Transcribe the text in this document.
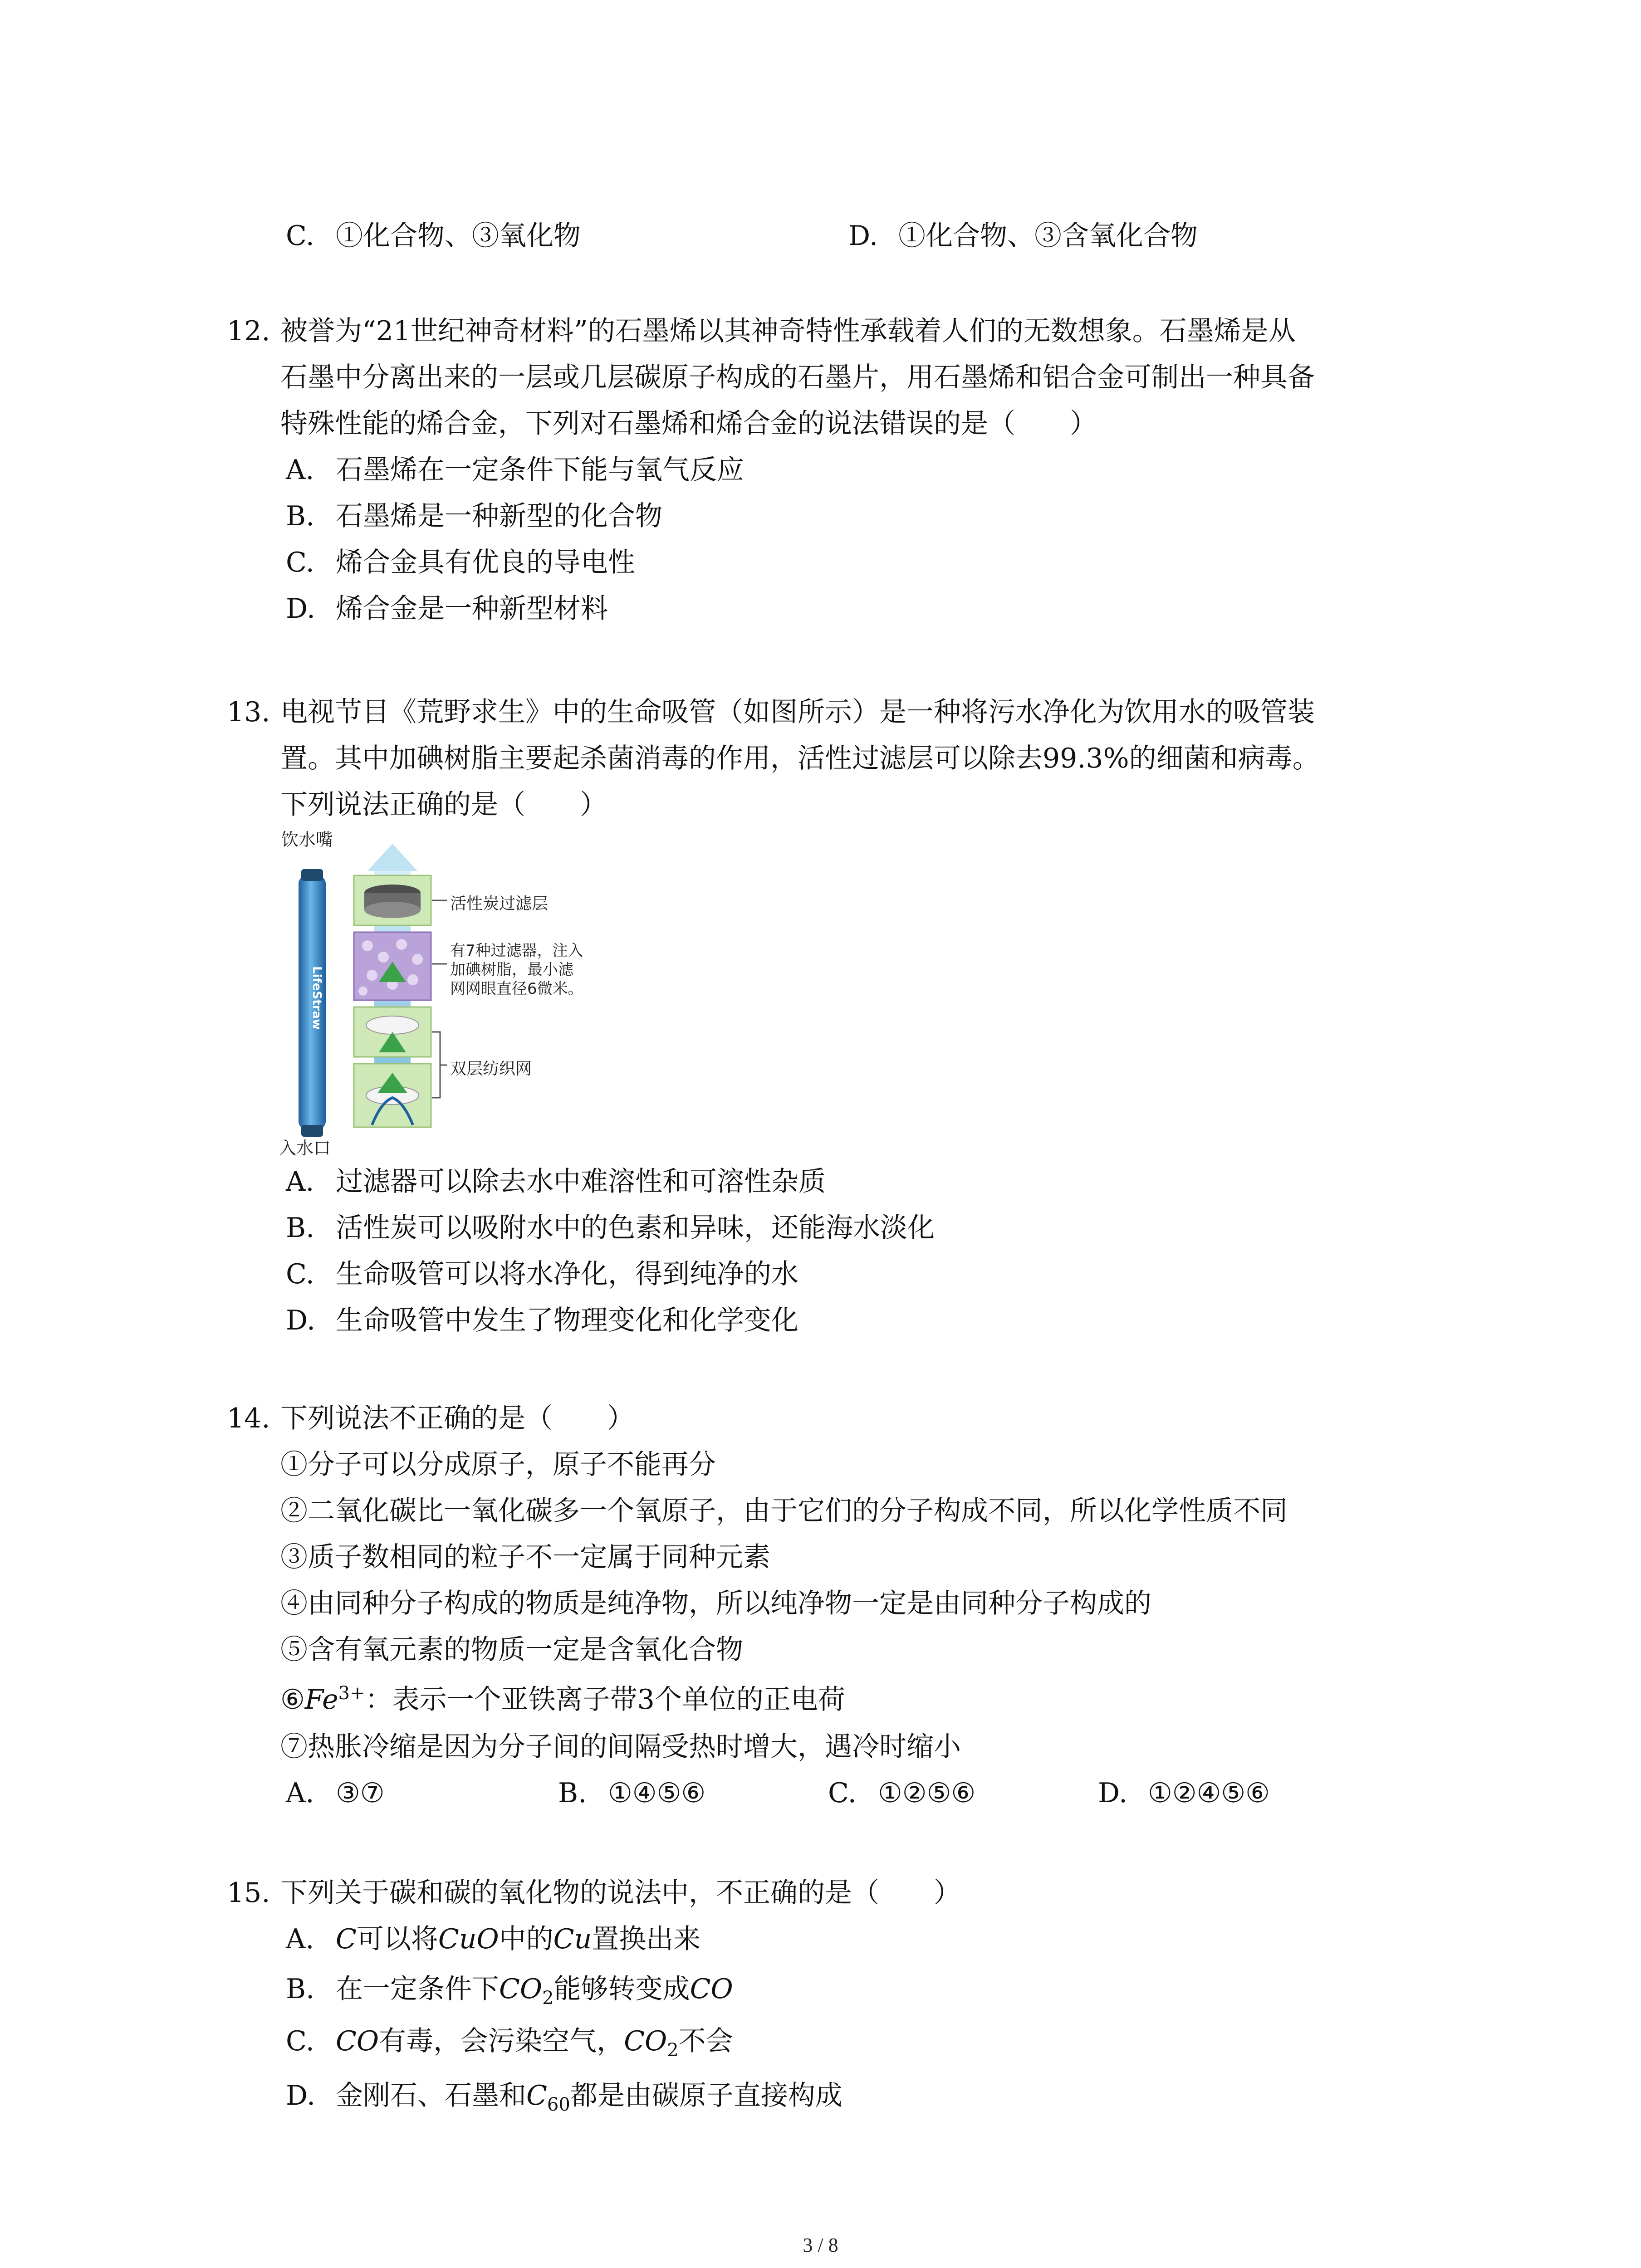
C. ①化合物、③氧化物	D. ①化合物、③含氧化合物
12. 被誉为“21世纪神奇材料”的石墨烯以其神奇特性承载着人们的无数想象。石墨烯是从
石墨中分离出来的一层或几层碳原子构成的石墨片，用石墨烯和铝合金可制出一种具备
特殊性能的烯合金，下列对石墨烯和烯合金的说法错误的是（　　）
A. 石墨烯在一定条件下能与氧气反应
B. 石墨烯是一种新型的化合物
C. 烯合金具有优良的导电性
D. 烯合金是一种新型材料
13. 电视节目《荒野求生》中的生命吸管（如图所示）是一种将污水净化为饮用水的吸管装
置。其中加碘树脂主要起杀菌消毒的作用，活性过滤层可以除去99.3%的细菌和病毒。
下列说法正确的是（　　）
饮水嘴
入水口
LifeStraw
活性炭过滤层
有7种过滤器，注入
加碘树脂，最小滤
网网眼直径6微米。
双层纺织网
A. 过滤器可以除去水中难溶性和可溶性杂质
B. 活性炭可以吸附水中的色素和异味，还能海水淡化
C. 生命吸管可以将水净化，得到纯净的水
D. 生命吸管中发生了物理变化和化学变化
14. 下列说法不正确的是（　　）
①分子可以分成原子，原子不能再分
②二氧化碳比一氧化碳多一个氧原子，由于它们的分子构成不同，所以化学性质不同
③质子数相同的粒子不一定属于同种元素
④由同种分子构成的物质是纯净物，所以纯净物一定是由同种分子构成的
⑤含有氧元素的物质一定是含氧化合物
$⑥Fe^{3+}$：表示一个亚铁离子带3个单位的正电荷
⑦热胀冷缩是因为分子间的间隔受热时增大，遇冷时缩小
A. ③⑦	B. ①④⑤⑥	C. ①②⑤⑥	D. ①②④⑤⑥
15. 下列关于碳和碳的氧化物的说法中，不正确的是（　　）
A. C可以将CuO中的Cu置换出来
B. 在一定条件下$CO_2$能够转变成CO
C. CO有毒，会污染空气，$CO_2$不会
D. 金刚石、石墨和$C_{60}$都是由碳原子直接构成
3 / 8
